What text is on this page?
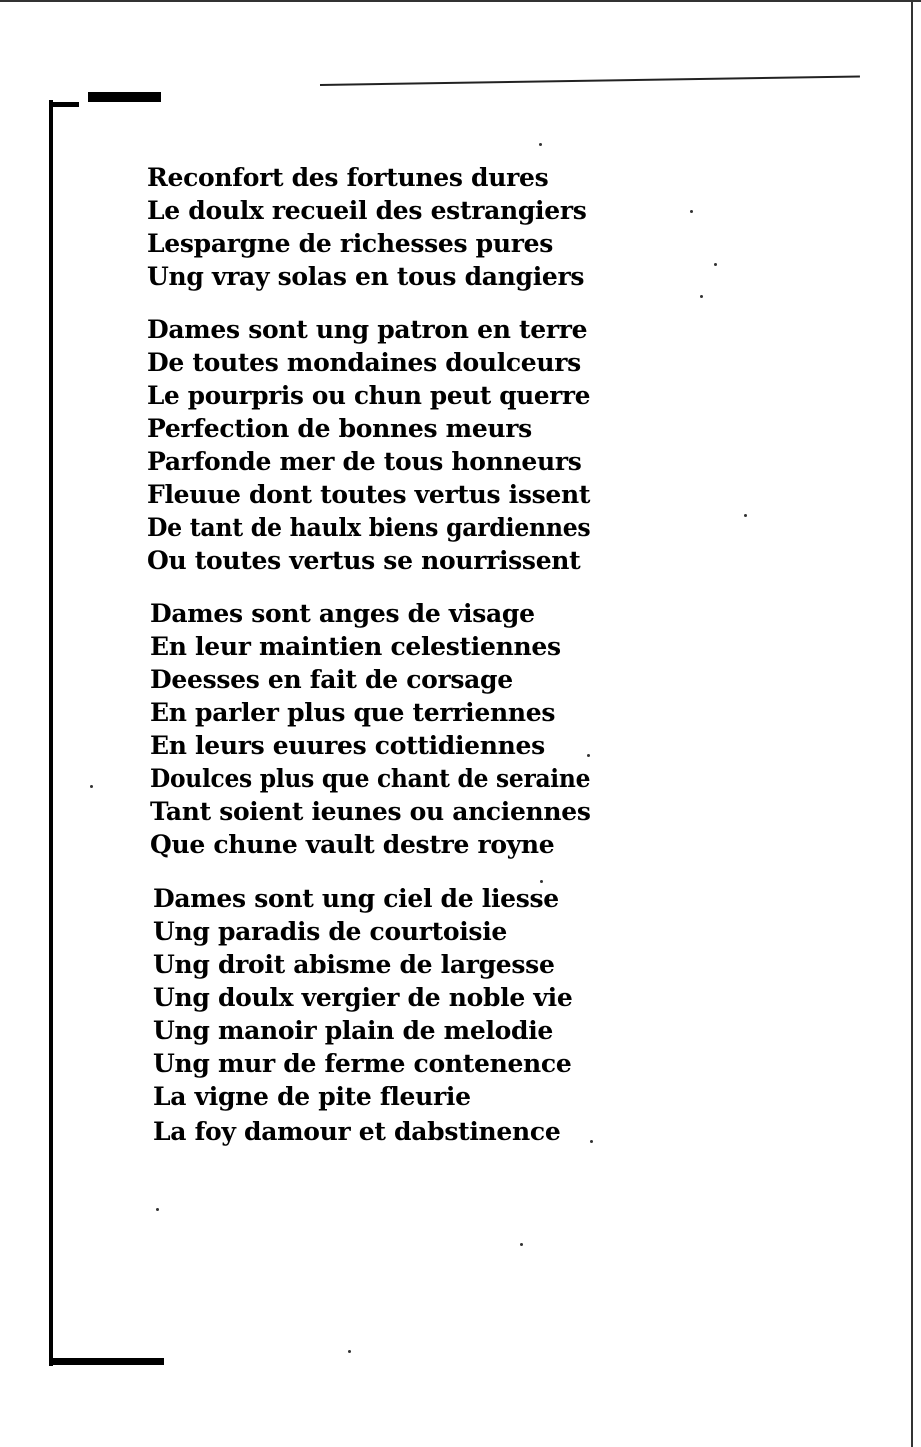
Reconfort des fortunes dures
Le doulx recueil des estrangiers
Lespargne de richesses pures
Ung vray solas en tous dangiers
Dames sont ung patron en terre
De toutes mondaines doulceurs
Le pourpris ou chun peut querre
Perfection de bonnes meurs
Parfonde mer de tous honneurs
Fleuue dont toutes vertus issent
De tant de haulx biens gardiennes
Ou toutes vertus se nourrissent
Dames sont anges de visage
En leur maintien celestiennes
Deesses en fait de corsage
En parler plus que terriennes
En leurs euures cottidiennes
Doulces plus que chant de seraine
Tant soient ieunes ou anciennes
Que chune vault destre royne
Dames sont ung ciel de liesse
Ung paradis de courtoisie
Ung droit abisme de largesse
Ung doulx vergier de noble vie
Ung manoir plain de melodie
Ung mur de ferme contenence
La vigne de pite fleurie
La foy damour et dabstinence
